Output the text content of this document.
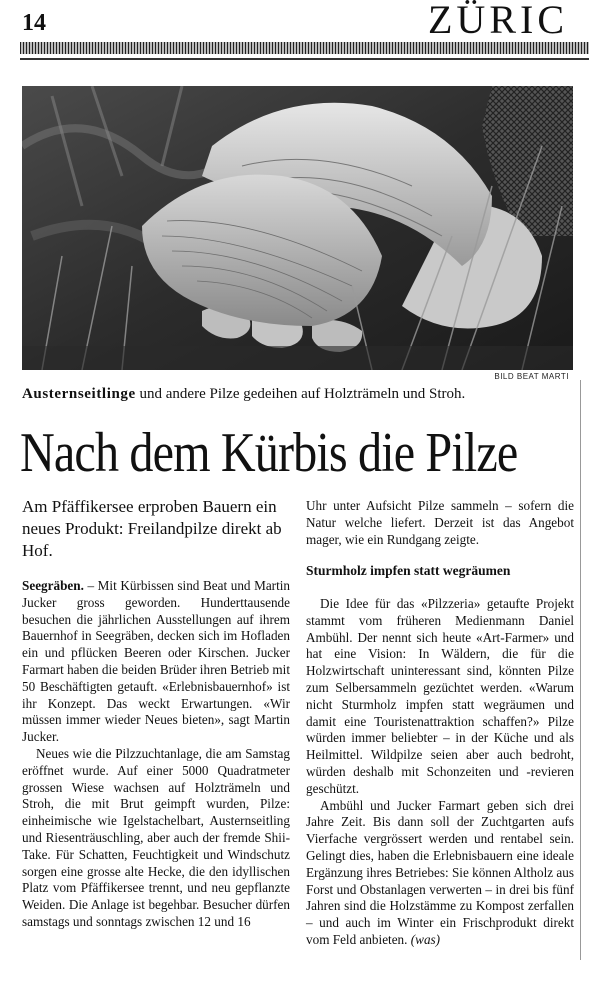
14	ZÜRIC
BILD BEAT MARTI
Austernseitlinge und andere Pilze gedeihen auf Holzträmeln und Stroh.
Nach dem Kürbis die Pilze
Am Pfäffikersee erproben Bauern ein neues Produkt: Freilandpilze direkt ab Hof.

Seegräben. – Mit Kürbissen sind Beat und Martin Jucker gross geworden. Hunderttausende besuchen die jährlichen Ausstellungen auf ihrem Bauernhof in Seegräben, decken sich im Hofladen ein und pflücken Beeren oder Kirschen. Jucker Farmart haben die beiden Brüder ihren Betrieb mit 50 Beschäftigten getauft. «Erlebnisbauernhof» ist ihr Konzept. Das weckt Erwartungen. «Wir müssen immer wieder Neues bieten», sagt Martin Jucker.

Neues wie die Pilzzuchtanlage, die am Samstag eröffnet wurde. Auf einer 5000 Quadratmeter grossen Wiese wachsen auf Holzträmeln und Stroh, die mit Brut geimpft wurden, Pilze: einheimische wie Igelstachelbart, Austernseitling und Riesenträuschling, aber auch der fremde Shii-Take. Für Schatten, Feuchtigkeit und Windschutz sorgen eine grosse alte Hecke, die den idyllischen Platz vom Pfäffikersee trennt, und neu gepflanzte Weiden. Die Anlage ist begehbar. Besucher dürfen samstags und sonntags zwischen 12 und 16

Uhr unter Aufsicht Pilze sammeln – sofern die Natur welche liefert. Derzeit ist das Angebot mager, wie ein Rundgang zeigte.
Sturmholz impfen statt wegräumen

Die Idee für das «Pilzzeria» getaufte Projekt stammt vom früheren Medienmann Daniel Ambühl. Der nennt sich heute «Art-Farmer» und hat eine Vision: In Wäldern, die für die Holzwirtschaft uninteressant sind, könnten Pilze zum Selbersammeln gezüchtet werden. «Warum nicht Sturmholz impfen statt wegräumen und damit eine Touristenattraktion schaffen?» Pilze würden immer beliebter – in der Küche und als Heilmittel. Wildpilze seien aber auch bedroht, würden deshalb mit Schonzeiten und -revieren geschützt.

Ambühl und Jucker Farmart geben sich drei Jahre Zeit. Bis dann soll der Zuchtgarten aufs Vierfache vergrössert werden und rentabel sein. Gelingt dies, haben die Erlebnisbauern eine ideale Ergänzung ihres Betriebes: Sie können Altholz aus Forst und Obstanlagen verwerten – in drei bis fünf Jahren sind die Holzstämme zu Kompost zerfallen – und auch im Winter ein Frischprodukt direkt vom Feld anbieten. (was)
